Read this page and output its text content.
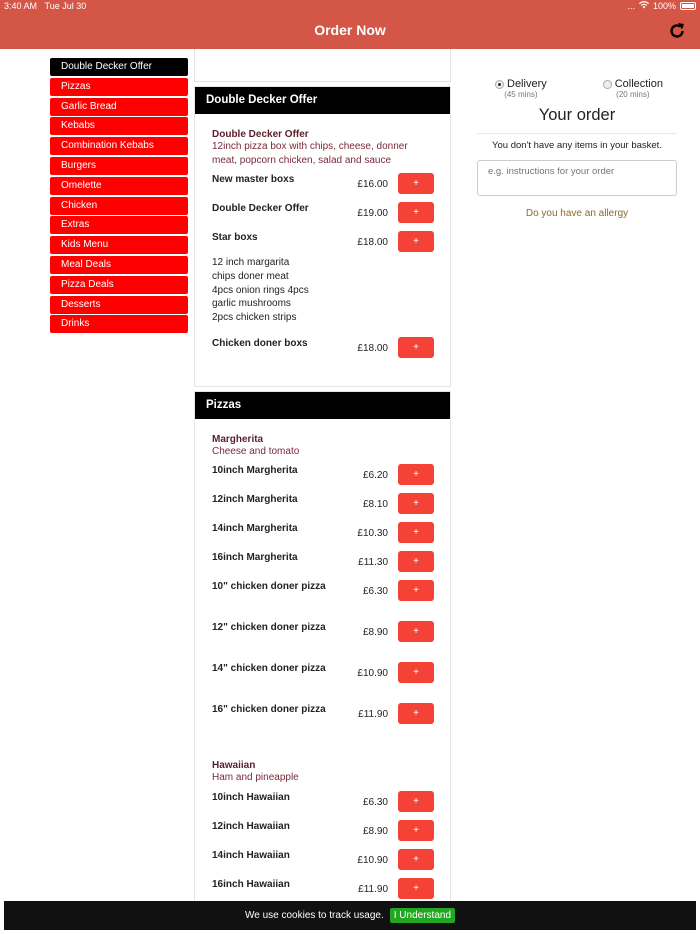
3:40 AM Tue Jul 30	... 100%
Order Now
Double Decker Offer
Pizzas
Garlic Bread
Kebabs
Combination Kebabs
Burgers
Omelette
Chicken
Extras
Kids Menu
Meal Deals
Pizza Deals
Desserts
Drinks
Double Decker Offer
Double Decker Offer
12inch pizza box with chips, cheese, donner meat, popcorn chicken, salad and sauce
New master boxs	£16.00	+
Double Decker Offer	£19.00	+
Star boxs	£18.00	+
12 inch margarita
chips doner meat
4pcs onion rings 4pcs
garlic mushrooms
2pcs chicken strips
Chicken doner boxs	£18.00	+
Pizzas
Margherita
Cheese and tomato
10inch Margherita	£6.20	+
12inch Margherita	£8.10	+
14inch Margherita	£10.30	+
16inch Margherita	£11.30	+
10" chicken doner pizza	£6.30	+
12" chicken doner pizza	£8.90	+
14" chicken doner pizza	£10.90	+
16" chicken doner pizza	£11.90	+
Hawaiian
Ham and pineapple
10inch Hawaiian	£6.30	+
12inch Hawaiian	£8.90	+
14inch Hawaiian	£10.90	+
16inch Hawaiian	£11.90	+
Delivery
(45 mins)
Collection
(20 mins)
Your order
You don't have any items in your basket.
e.g. instructions for your order
Do you have an allergy
We use cookies to track usage.	I Understand
